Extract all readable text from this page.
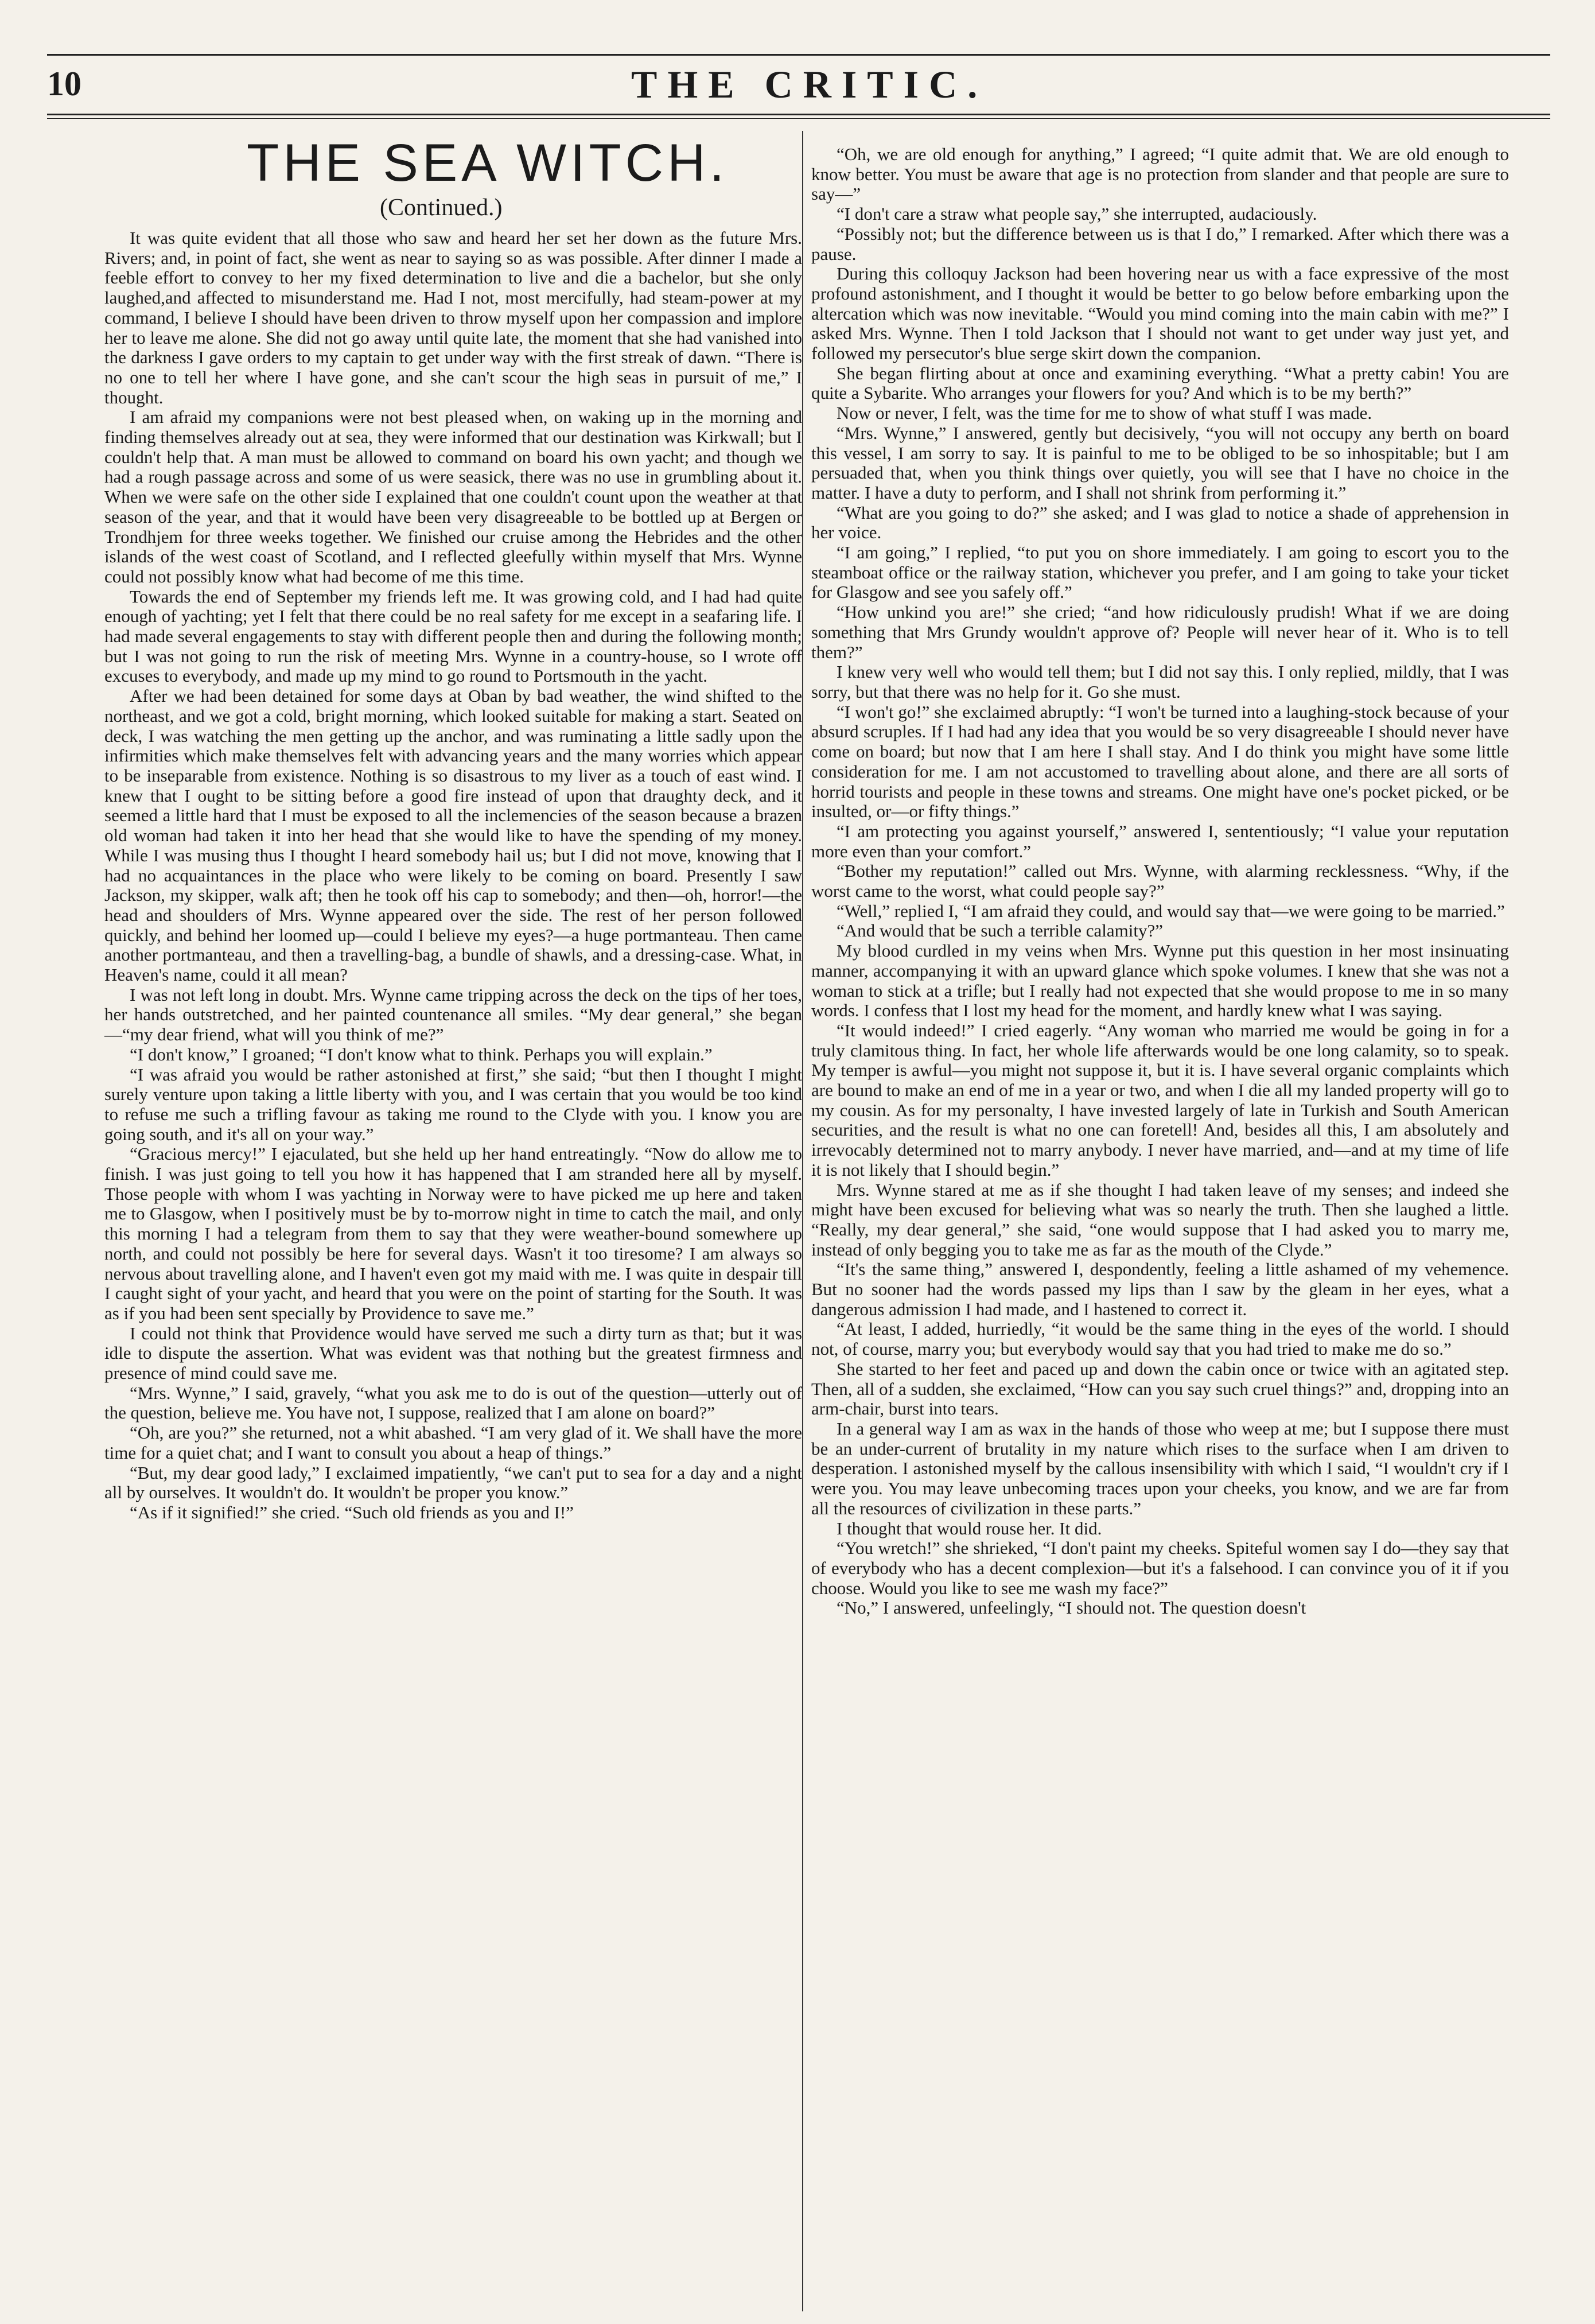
10	THE CRITIC.
THE SEA WITCH.
(Continued.)

It was quite evident that all those who saw and heard her set her down as the future Mrs. Rivers; and, in point of fact, she went as near to saying so as was possible. After dinner I made a feeble effort to convey to her my fixed determination to live and die a bachelor, but she only laughed,and affected to misunderstand me. Had I not, most mercifully, had steam-power at my command, I believe I should have been driven to throw myself upon her compassion and implore her to leave me alone. She did not go away until quite late, the moment that she had vanished into the darkness I gave orders to my captain to get under way with the first streak of dawn. “There is no one to tell her where I have gone, and she can't scour the high seas in pursuit of me,” I thought.

I am afraid my companions were not best pleased when, on waking up in the morning and finding themselves already out at sea, they were informed that our destination was Kirkwall; but I couldn't help that. A man must be allowed to command on board his own yacht; and though we had a rough passage across and some of us were seasick, there was no use in grumbling about it. When we were safe on the other side I explained that one couldn't count upon the weather at that season of the year, and that it would have been very disagreeable to be bottled up at Bergen or Trondhjem for three weeks together. We finished our cruise among the Hebrides and the other islands of the west coast of Scotland, and I reflected gleefully within myself that Mrs. Wynne could not possibly know what had become of me this time.

Towards the end of September my friends left me. It was growing cold, and I had had quite enough of yachting; yet I felt that there could be no real safety for me except in a seafaring life. I had made several engagements to stay with different people then and during the following month; but I was not going to run the risk of meeting Mrs. Wynne in a country-house, so I wrote off excuses to everybody, and made up my mind to go round to Portsmouth in the yacht.

After we had been detained for some days at Oban by bad weather, the wind shifted to the northeast, and we got a cold, bright morning, which looked suitable for making a start. Seated on deck, I was watching the men getting up the anchor, and was ruminating a little sadly upon the infirmities which make themselves felt with advancing years and the many worries which appear to be inseparable from existence. Nothing is so disastrous to my liver as a touch of east wind. I knew that I ought to be sitting before a good fire instead of upon that draughty deck, and it seemed a little hard that I must be exposed to all the inclemencies of the season because a brazen old woman had taken it into her head that she would like to have the spending of my money. While I was musing thus I thought I heard somebody hail us; but I did not move, knowing that I had no acquaintances in the place who were likely to be coming on board. Presently I saw Jackson, my skipper, walk aft; then he took off his cap to somebody; and then—oh, horror!—the head and shoulders of Mrs. Wynne appeared over the side. The rest of her person followed quickly, and behind her loomed up—could I believe my eyes?—a huge portmanteau. Then came another portmanteau, and then a travelling-bag, a bundle of shawls, and a dressing-case. What, in Heaven's name, could it all mean?

I was not left long in doubt. Mrs. Wynne came tripping across the deck on the tips of her toes, her hands outstretched, and her painted countenance all smiles. “My dear general,” she began—“my dear friend, what will you think of me?”

“I don't know,” I groaned; “I don't know what to think. Perhaps you will explain.”

“I was afraid you would be rather astonished at first,” she said; “but then I thought I might surely venture upon taking a little liberty with you, and I was certain that you would be too kind to refuse me such a trifling favour as taking me round to the Clyde with you. I know you are going south, and it's all on your way.”

“Gracious mercy!” I ejaculated, but she held up her hand entreatingly. “Now do allow me to finish. I was just going to tell you how it has happened that I am stranded here all by myself. Those people with whom I was yachting in Norway were to have picked me up here and taken me to Glasgow, when I positively must be by to-morrow night in time to catch the mail, and only this morning I had a telegram from them to say that they were weather-bound somewhere up north, and could not possibly be here for several days. Wasn't it too tiresome? I am always so nervous about travelling alone, and I haven't even got my maid with me. I was quite in despair till I caught sight of your yacht, and heard that you were on the point of starting for the South. It was as if you had been sent specially by Providence to save me.”

I could not think that Providence would have served me such a dirty turn as that; but it was idle to dispute the assertion. What was evident was that nothing but the greatest firmness and presence of mind could save me.

“Mrs. Wynne,” I said, gravely, “what you ask me to do is out of the question—utterly out of the question, believe me. You have not, I suppose, realized that I am alone on board?”

“Oh, are you?” she returned, not a whit abashed. “I am very glad of it. We shall have the more time for a quiet chat; and I want to consult you about a heap of things.”

“But, my dear good lady,” I exclaimed impatiently, “we can't put to sea for a day and a night all by ourselves. It wouldn't do. It wouldn't be proper you know.”

“As if it signified!” she cried. “Such old friends as you and I!”

“Oh, we are old enough for anything,” I agreed; “I quite admit that. We are old enough to know better. You must be aware that age is no protection from slander and that people are sure to say—”

“I don't care a straw what people say,” she interrupted, audaciously.

“Possibly not; but the difference between us is that I do,” I remarked. After which there was a pause.

During this colloquy Jackson had been hovering near us with a face expressive of the most profound astonishment, and I thought it would be better to go below before embarking upon the altercation which was now inevitable. “Would you mind coming into the main cabin with me?” I asked Mrs. Wynne. Then I told Jackson that I should not want to get under way just yet, and followed my persecutor's blue serge skirt down the companion.

She began flirting about at once and examining everything. “What a pretty cabin! You are quite a Sybarite. Who arranges your flowers for you? And which is to be my berth?”

Now or never, I felt, was the time for me to show of what stuff I was made.

“Mrs. Wynne,” I answered, gently but decisively, “you will not occupy any berth on board this vessel, I am sorry to say. It is painful to me to be obliged to be so inhospitable; but I am persuaded that, when you think things over quietly, you will see that I have no choice in the matter. I have a duty to perform, and I shall not shrink from performing it.”

“What are you going to do?” she asked; and I was glad to notice a shade of apprehension in her voice.

“I am going,” I replied, “to put you on shore immediately. I am going to escort you to the steamboat office or the railway station, whichever you prefer, and I am going to take your ticket for Glasgow and see you safely off.”

“How unkind you are!” she cried; “and how ridiculously prudish! What if we are doing something that Mrs Grundy wouldn't approve of? People will never hear of it. Who is to tell them?”

I knew very well who would tell them; but I did not say this. I only replied, mildly, that I was sorry, but that there was no help for it. Go she must.

“I won't go!” she exclaimed abruptly: “I won't be turned into a laughing-stock because of your absurd scruples. If I had had any idea that you would be so very disagreeable I should never have come on board; but now that I am here I shall stay. And I do think you might have some little consideration for me. I am not accustomed to travelling about alone, and there are all sorts of horrid tourists and people in these towns and streams. One might have one's pocket picked, or be insulted, or—or fifty things.”

“I am protecting you against yourself,” answered I, sententiously; “I value your reputation more even than your comfort.”

“Bother my reputation!” called out Mrs. Wynne, with alarming recklessness. “Why, if the worst came to the worst, what could people say?”

“Well,” replied I, “I am afraid they could, and would say that—we were going to be married.”

“And would that be such a terrible calamity?”

My blood curdled in my veins when Mrs. Wynne put this question in her most insinuating manner, accompanying it with an upward glance which spoke volumes. I knew that she was not a woman to stick at a trifle; but I really had not expected that she would propose to me in so many words. I confess that I lost my head for the moment, and hardly knew what I was saying.

“It would indeed!” I cried eagerly. “Any woman who married me would be going in for a truly clamitous thing. In fact, her whole life afterwards would be one long calamity, so to speak. My temper is awful—you might not suppose it, but it is. I have several organic complaints which are bound to make an end of me in a year or two, and when I die all my landed property will go to my cousin. As for my personalty, I have invested largely of late in Turkish and South American securities, and the result is what no one can foretell! And, besides all this, I am absolutely and irrevocably determined not to marry anybody. I never have married, and—and at my time of life it is not likely that I should begin.”

Mrs. Wynne stared at me as if she thought I had taken leave of my senses; and indeed she might have been excused for believing what was so nearly the truth. Then she laughed a little. “Really, my dear general,” she said, “one would suppose that I had asked you to marry me, instead of only begging you to take me as far as the mouth of the Clyde.”

“It's the same thing,” answered I, despondently, feeling a little ashamed of my vehemence. But no sooner had the words passed my lips than I saw by the gleam in her eyes, what a dangerous admission I had made, and I hastened to correct it.

“At least, I added, hurriedly, “it would be the same thing in the eyes of the world. I should not, of course, marry you; but everybody would say that you had tried to make me do so.”

She started to her feet and paced up and down the cabin once or twice with an agitated step. Then, all of a sudden, she exclaimed, “How can you say such cruel things?” and, dropping into an arm-chair, burst into tears.

In a general way I am as wax in the hands of those who weep at me; but I suppose there must be an under-current of brutality in my nature which rises to the surface when I am driven to desperation. I astonished myself by the callous insensibility with which I said, “I wouldn't cry if I were you. You may leave unbecoming traces upon your cheeks, you know, and we are far from all the resources of civilization in these parts.”

I thought that would rouse her. It did.

“You wretch!” she shrieked, “I don't paint my cheeks. Spiteful women say I do—they say that of everybody who has a decent complexion—but it's a falsehood. I can convince you of it if you choose. Would you like to see me wash my face?”

“No,” I answered, unfeelingly, “I should not. The question doesn't
